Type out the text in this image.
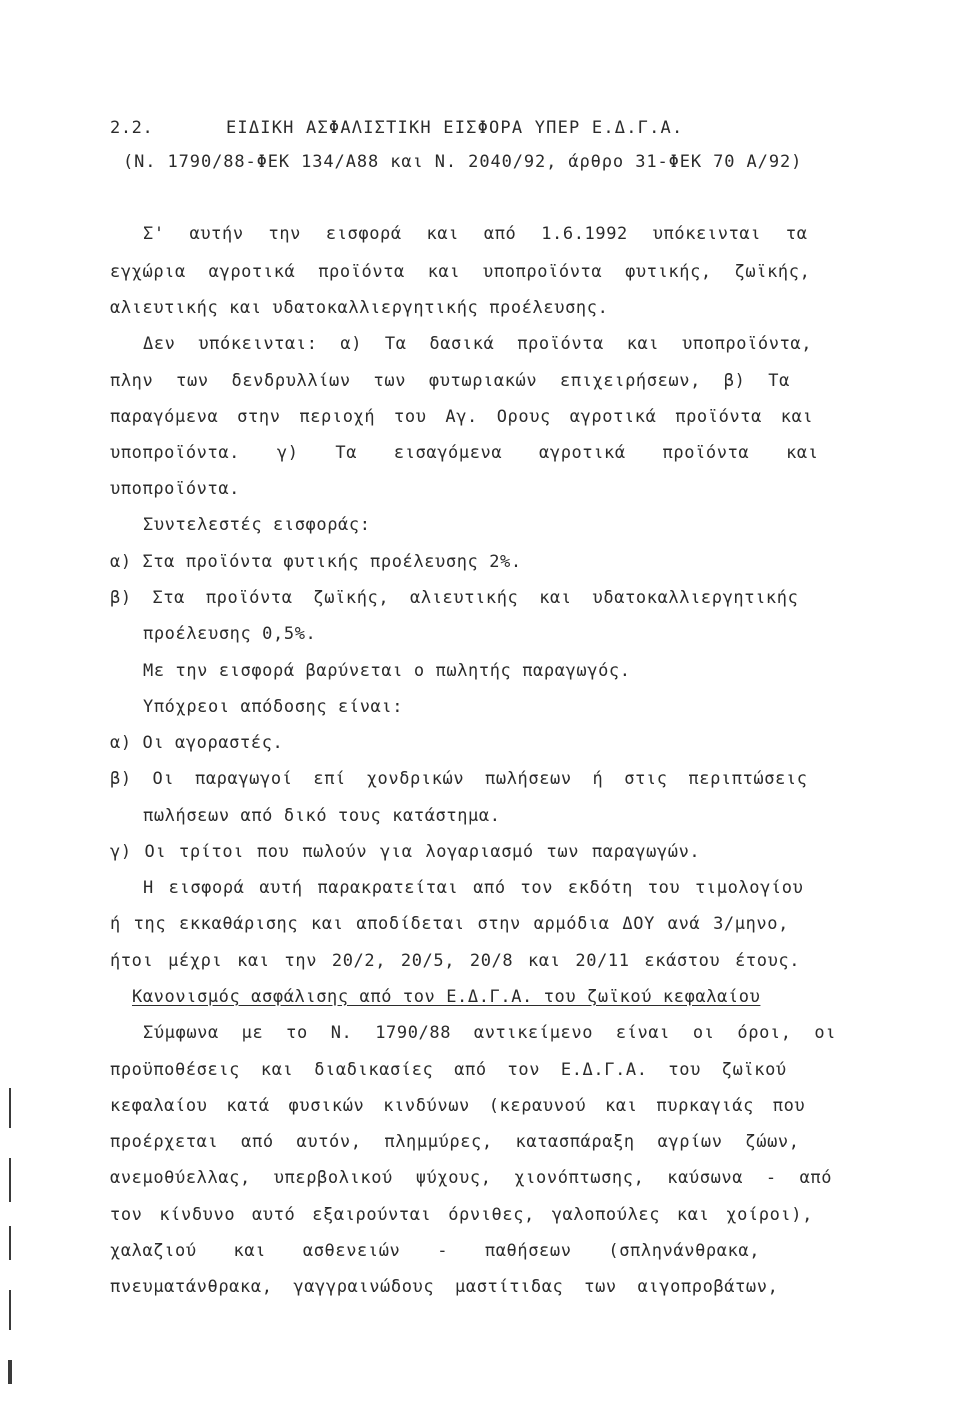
2.2.	ΕΙΔΙΚΗ ΑΣΦΑΛΙΣΤΙΚΗ ΕΙΣΦΟΡΑ ΥΠΕΡ Ε.Δ.Γ.Α.
(Ν. 1790/88-ΦΕΚ 134/Α88 και Ν. 2040/92, άρθρο 31-ΦΕΚ 70 Α/92)
Σ' αυτήν την εισφορά και από 1.6.1992 υπόκεινται τα
εγχώρια αγροτικά προϊόντα και υποπροϊόντα φυτικής, ζωϊκής,
αλιευτικής και υδατοκαλλιεργητικής προέλευσης.
Δεν υπόκεινται: α) Τα δασικά προϊόντα και υποπροϊόντα,
πλην των δενδρυλλίων των φυτωριακών επιχειρήσεων, β) Τα
παραγόμενα στην περιοχή του Αγ. Ορους αγροτικά προϊόντα και
υποπροϊόντα. γ) Τα εισαγόμενα αγροτικά προϊόντα και
υποπροϊόντα.
Συντελεστές εισφοράς:
α) Στα προϊόντα φυτικής προέλευσης 2%.
β) Στα προϊόντα ζωϊκής, αλιευτικής και υδατοκαλλιεργητικής
προέλευσης 0,5%.
Με την εισφορά βαρύνεται ο πωλητής παραγωγός.
Υπόχρεοι απόδοσης είναι:
α) Οι αγοραστές.
β) Οι παραγωγοί επί χονδρικών πωλήσεων ή στις περιπτώσεις
πωλήσεων από δικό τους κατάστημα.
γ) Οι τρίτοι που πωλούν για λογαριασμό των παραγωγών.
Η εισφορά αυτή παρακρατείται από τον εκδότη του τιμολογίου
ή της εκκαθάρισης και αποδίδεται στην αρμόδια ΔΟΥ ανά 3/μηνο,
ήτοι μέχρι και την 20/2, 20/5, 20/8 και 20/11 εκάστου έτους.
Κανονισμός ασφάλισης από τον Ε.Δ.Γ.Α. του ζωϊκού κεφαλαίου
Σύμφωνα με το Ν. 1790/88 αντικείμενο είναι οι όροι, οι
προϋποθέσεις και διαδικασίες από τον Ε.Δ.Γ.Α. του ζωϊκού
κεφαλαίου κατά φυσικών κινδύνων (κεραυνού και πυρκαγιάς που
προέρχεται από αυτόν, πλημμύρες, κατασπάραξη αγρίων ζώων,
ανεμοθύελλας, υπερβολικού ψύχους, χιονόπτωσης, καύσωνα - από
τον κίνδυνο αυτό εξαιρούνται όρνιθες, γαλοπούλες και χοίροι),
χαλαζιού και ασθενειών - παθήσεων (σπληνάνθρακα,
πνευματάνθρακα, γαγγραινώδους μαστίτιδας των αιγοπροβάτων,
